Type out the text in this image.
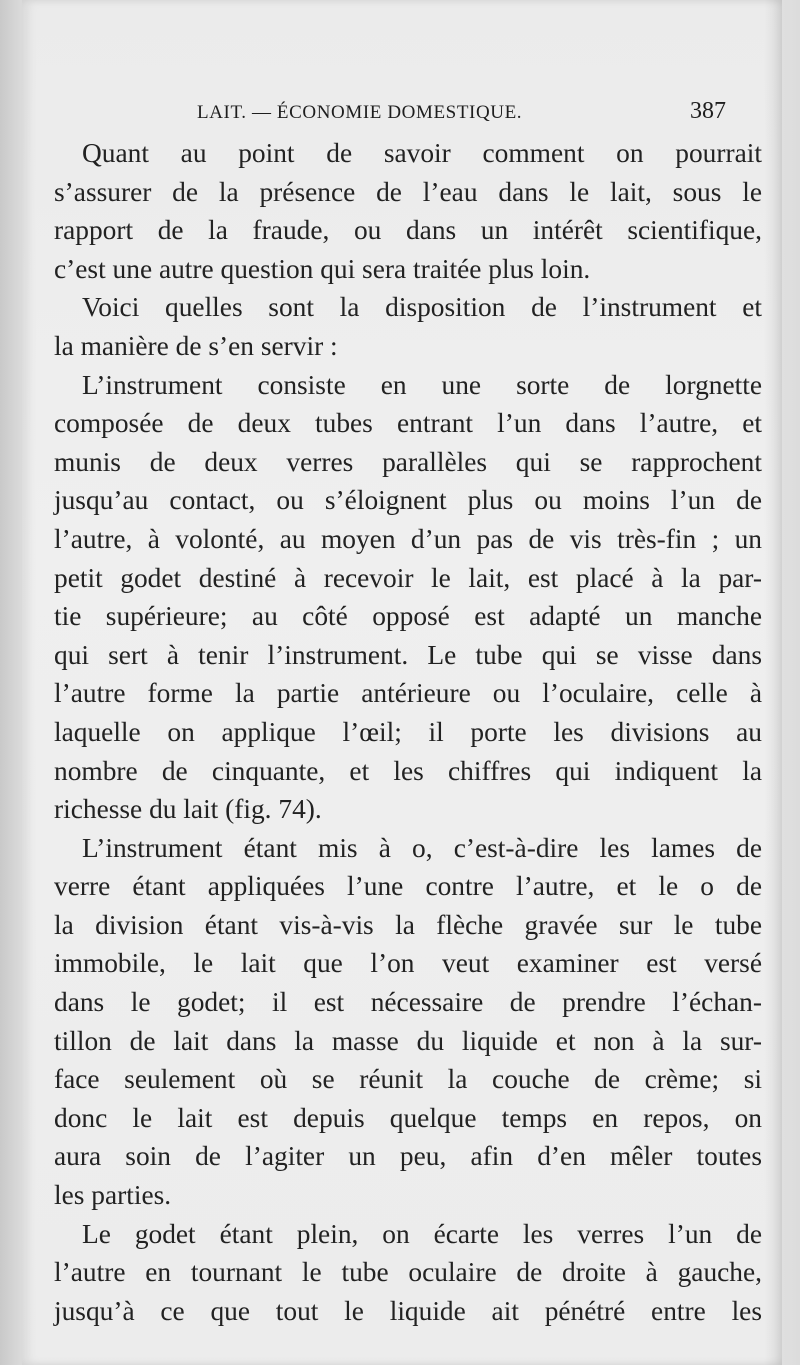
LAIT. — ÉCONOMIE DOMESTIQUE.	387
Quant au point de savoir comment on pourrait
s’assurer de la présence de l’eau dans le lait, sous le
rapport de la fraude, ou dans un intérêt scientifique,
c’est une autre question qui sera traitée plus loin.
Voici quelles sont la disposition de l’instrument et
la manière de s’en servir :
L’instrument consiste en une sorte de lorgnette
composée de deux tubes entrant l’un dans l’autre, et
munis de deux verres parallèles qui se rapprochent
jusqu’au contact, ou s’éloignent plus ou moins l’un de
l’autre, à volonté, au moyen d’un pas de vis très-fin ; un
petit godet destiné à recevoir le lait, est placé à la par-
tie supérieure; au côté opposé est adapté un manche
qui sert à tenir l’instrument. Le tube qui se visse dans
l’autre forme la partie antérieure ou l’oculaire, celle à
laquelle on applique l’œil; il porte les divisions au
nombre de cinquante, et les chiffres qui indiquent la
richesse du lait (fig. 74).
L’instrument étant mis à o, c’est-à-dire les lames de
verre étant appliquées l’une contre l’autre, et le o de
la division étant vis-à-vis la flèche gravée sur le tube
immobile, le lait que l’on veut examiner est versé
dans le godet; il est nécessaire de prendre l’échan-
tillon de lait dans la masse du liquide et non à la sur-
face seulement où se réunit la couche de crème; si
donc le lait est depuis quelque temps en repos, on
aura soin de l’agiter un peu, afin d’en mêler toutes
les parties.
Le godet étant plein, on écarte les verres l’un de
l’autre en tournant le tube oculaire de droite à gauche,
jusqu’à ce que tout le liquide ait pénétré entre les
